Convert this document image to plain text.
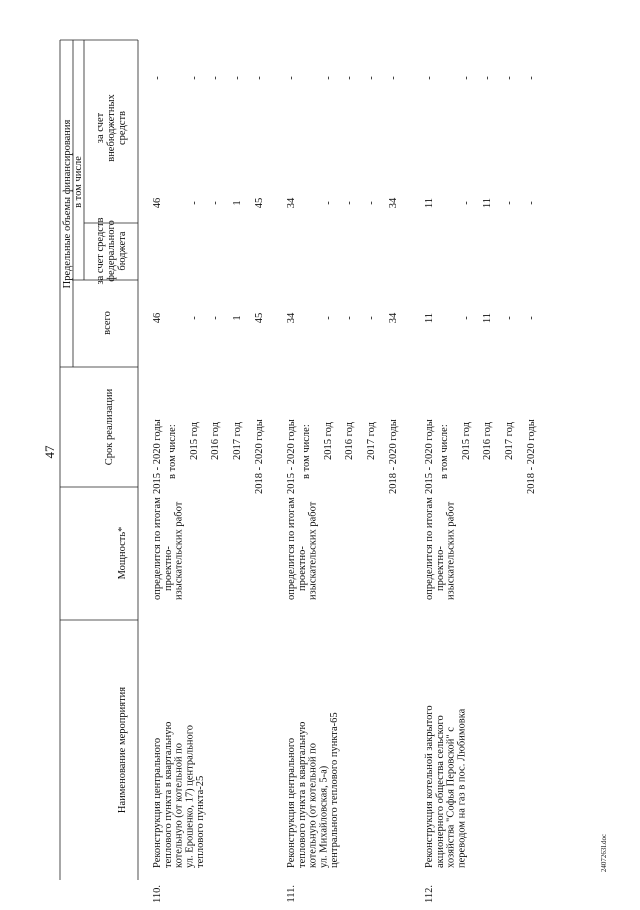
47
2407263l.doc
Наименование мероприятия
Мощность*
Срок реализации
Предельные объемы финансирования
всего
в том числе
за счет средств федерального бюджета
за счет внебюджетных средств
110.
Реконструкция центрального теплового пункта в квартальную котельную (от котельной по ул. Ерошенко, 17) центрального теплового пункта-25
определится по итогам проектно- изыскательских работ
2015 - 2020 годы в том числе: 2015 год 2016 год 2017 год 2018 - 2020 годы
46 - - 1 45
46 - - 1 45
- - - - -
111.
Реконструкция центрального теплового пункта в квартальную котельную (от котельной по ул. Михайловская, 5-а) центрального теплового пункта-65
определится по итогам проектно- изыскательских работ
2015 - 2020 годы в том числе: 2015 год 2016 год 2017 год 2018 - 2020 годы
34 - - - 34
34 - - - 34
- - - - -
112.
Реконструкция котельной закрытого акционерного общества сельского хозяйства "Софья Перовской" с переводом на газ в пос. Любимовка
определится по итогам проектно- изыскательских работ
2015 - 2020 годы в том числе: 2015 год 2016 год 2017 год 2018 - 2020 годы
11 - 11 - -
11 - 11 - -
- - - - -
